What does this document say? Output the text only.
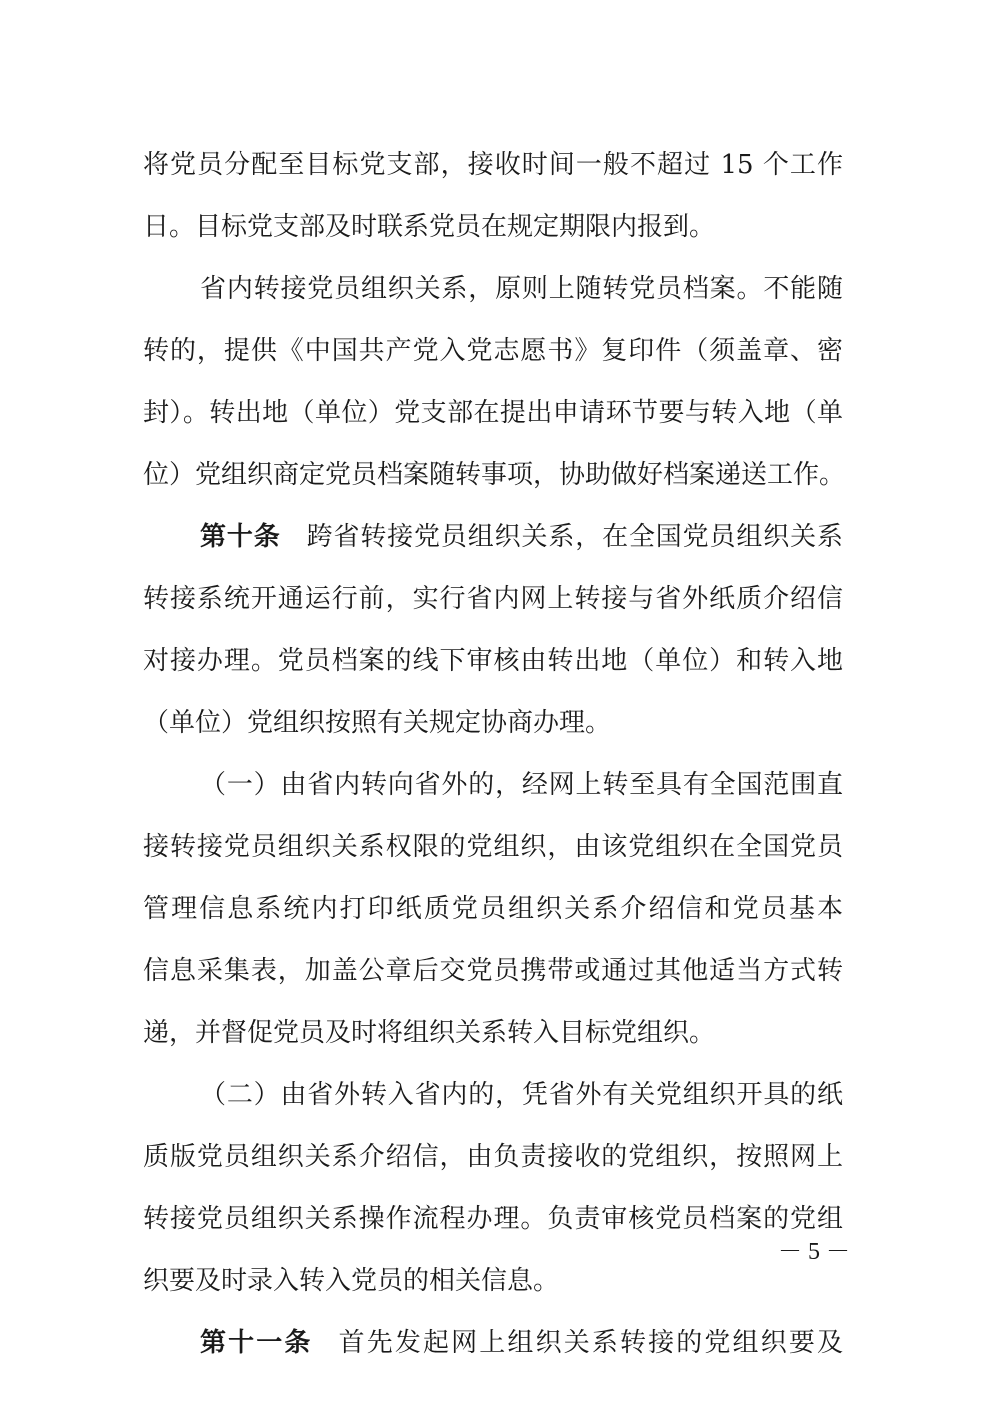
将党员分配至目标党支部，接收时间一般不超过 15 个工作
日。目标党支部及时联系党员在规定期限内报到。
省内转接党员组织关系，原则上随转党员档案。不能随
转的，提供《中国共产党入党志愿书》复印件（须盖章、密
封）。转出地（单位）党支部在提出申请环节要与转入地（单
位）党组织商定党员档案随转事项，协助做好档案递送工作。
第十条 跨省转接党员组织关系，在全国党员组织关系
转接系统开通运行前，实行省内网上转接与省外纸质介绍信
对接办理。党员档案的线下审核由转出地（单位）和转入地
（单位）党组织按照有关规定协商办理。
（一）由省内转向省外的，经网上转至具有全国范围直
接转接党员组织关系权限的党组织，由该党组织在全国党员
管理信息系统内打印纸质党员组织关系介绍信和党员基本
信息采集表，加盖公章后交党员携带或通过其他适当方式转
递，并督促党员及时将组织关系转入目标党组织。
（二）由省外转入省内的，凭省外有关党组织开具的纸
质版党员组织关系介绍信，由负责接收的党组织，按照网上
转接党员组织关系操作流程办理。负责审核党员档案的党组
织要及时录入转入党员的相关信息。
第十一条 首先发起网上组织关系转接的党组织要及
－ 5 －
